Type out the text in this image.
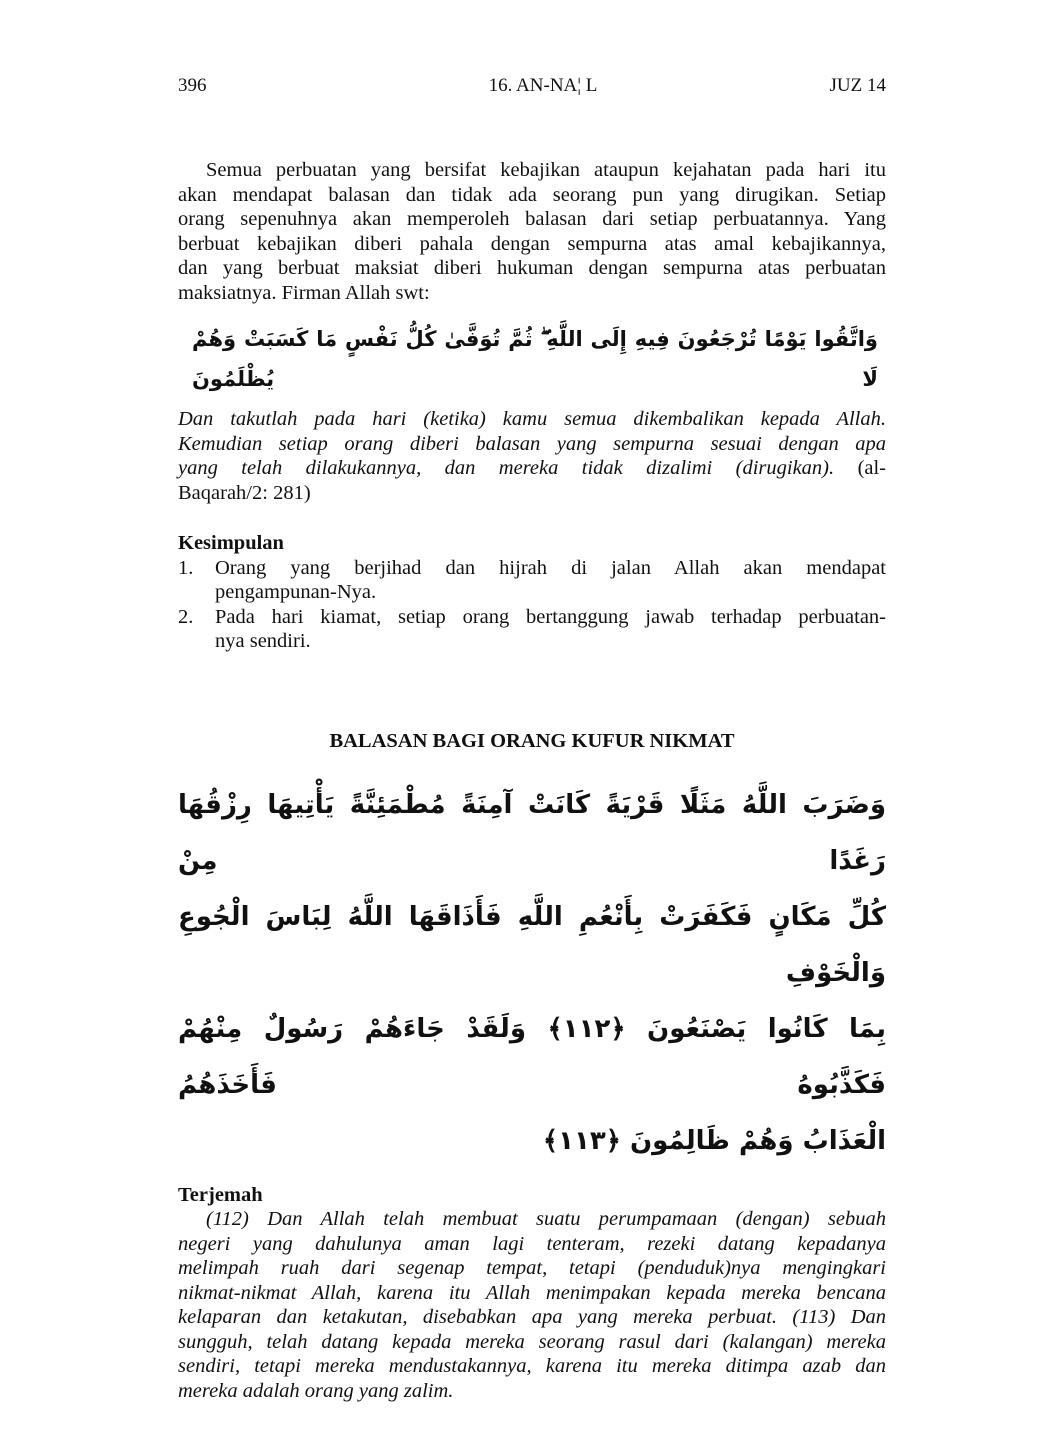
396	16. AN-NA¦ L	JUZ 14
Semua perbuatan yang bersifat kebajikan ataupun kejahatan pada hari itu
akan mendapat balasan dan tidak ada seorang pun yang dirugikan. Setiap
orang sepenuhnya akan memperoleh balasan dari setiap perbuatannya. Yang
berbuat kebajikan diberi pahala dengan sempurna atas amal kebajikannya,
dan yang berbuat maksiat diberi hukuman dengan sempurna atas perbuatan
maksiatnya. Firman Allah swt:
وَاتَّقُوا يَوْمًا تُرْجَعُونَ فِيهِ إِلَى اللَّهِ ۖ ثُمَّ تُوَفَّىٰ كُلُّ نَفْسٍ مَا كَسَبَتْ وَهُمْ لَا يُظْلَمُونَ
Dan takutlah pada hari (ketika) kamu semua dikembalikan kepada Allah.
Kemudian setiap orang diberi balasan yang sempurna sesuai dengan apa
yang telah dilakukannya, dan mereka tidak dizalimi (dirugikan). (al-
Baqarah/2: 281)
Kesimpulan
1.	Orang yang berjihad dan hijrah di jalan Allah akan mendapat
pengampunan-Nya.
2.	Pada hari kiamat, setiap orang bertanggung jawab terhadap perbuatan-
nya sendiri.
BALASAN BAGI ORANG KUFUR NIKMAT
وَضَرَبَ اللَّهُ مَثَلًا قَرْيَةً كَانَتْ آمِنَةً مُطْمَئِنَّةً يَأْتِيهَا رِزْقُهَا رَغَدًا مِنْ
كُلِّ مَكَانٍ فَكَفَرَتْ بِأَنْعُمِ اللَّهِ فَأَذَاقَهَا اللَّهُ لِبَاسَ الْجُوعِ وَالْخَوْفِ
بِمَا كَانُوا يَصْنَعُونَ ﴿١١٢﴾ وَلَقَدْ جَاءَهُمْ رَسُولٌ مِنْهُمْ فَكَذَّبُوهُ فَأَخَذَهُمُ
الْعَذَابُ وَهُمْ ظَالِمُونَ ﴿١١٣﴾
Terjemah
(112) Dan Allah telah membuat suatu perumpamaan (dengan) sebuah
negeri yang dahulunya aman lagi tenteram, rezeki datang kepadanya
melimpah ruah dari segenap tempat, tetapi (penduduk)nya mengingkari
nikmat-nikmat Allah, karena itu Allah menimpakan kepada mereka bencana
kelaparan dan ketakutan, disebabkan apa yang mereka perbuat. (113) Dan
sungguh, telah datang kepada mereka seorang rasul dari (kalangan) mereka
sendiri, tetapi mereka mendustakannya, karena itu mereka ditimpa azab dan
mereka adalah orang yang zalim.
